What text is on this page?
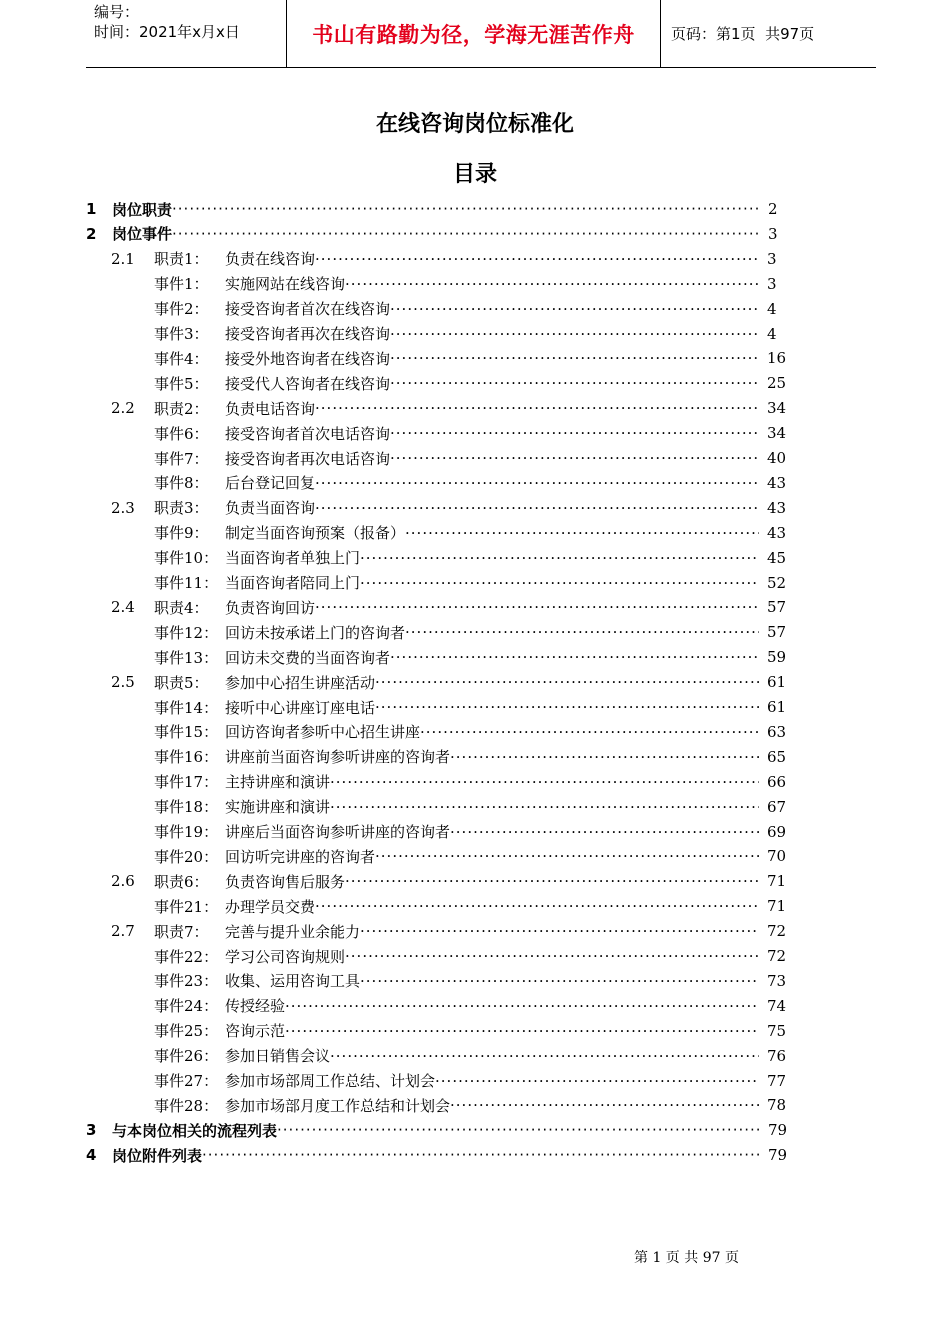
编号：
时间：2021年x月x日	书山有路勤为径，学海无涯苦作舟	页码：第1页  共97页
在线咨询岗位标准化
目录
1	岗位职责 ·····	2
2	岗位事件 ·····	3
2.1	职责1：	负责在线咨询 ·····	3
事件1：	实施网站在线咨询 ·····	3
事件2：	接受咨询者首次在线咨询 ·····	4
事件3：	接受咨询者再次在线咨询 ·····	4
事件4：	接受外地咨询者在线咨询 ·····	16
事件5：	接受代人咨询者在线咨询 ·····	25
2.2	职责2：	负责电话咨询 ·····	34
事件6：	接受咨询者首次电话咨询 ·····	34
事件7：	接受咨询者再次电话咨询 ·····	40
事件8：	后台登记回复 ·····	43
2.3	职责3：	负责当面咨询 ·····	43
事件9：	制定当面咨询预案（报备） ·····	43
事件10： 当面咨询者单独上门 ·····	45
事件11： 当面咨询者陪同上门 ·····	52
2.4	职责4：	负责咨询回访 ·····	57
事件12： 回访未按承诺上门的咨询者 ·····	57
事件13： 回访未交费的当面咨询者 ·····	59
2.5	职责5：	参加中心招生讲座活动 ·····	61
事件14： 接听中心讲座订座电话 ·····	61
事件15： 回访咨询者参听中心招生讲座 ·····	63
事件16： 讲座前当面咨询参听讲座的咨询者 ·····	65
事件17： 主持讲座和演讲 ·····	66
事件18： 实施讲座和演讲 ·····	67
事件19： 讲座后当面咨询参听讲座的咨询者 ·····	69
事件20： 回访听完讲座的咨询者 ·····	70
2.6	职责6：	负责咨询售后服务 ·····	71
事件21： 办理学员交费 ·····	71
2.7	职责7：	完善与提升业余能力 ·····	72
事件22： 学习公司咨询规则 ·····	72
事件23： 收集、运用咨询工具 ·····	73
事件24： 传授经验 ·····	74
事件25： 咨询示范 ·····	75
事件26： 参加日销售会议 ·····	76
事件27： 参加市场部周工作总结、计划会 ·····	77
事件28： 参加市场部月度工作总结和计划会 ·····	78
3	与本岗位相关的流程列表 ·····	79
4	岗位附件列表 ·····	79
第 1 页 共 97 页
